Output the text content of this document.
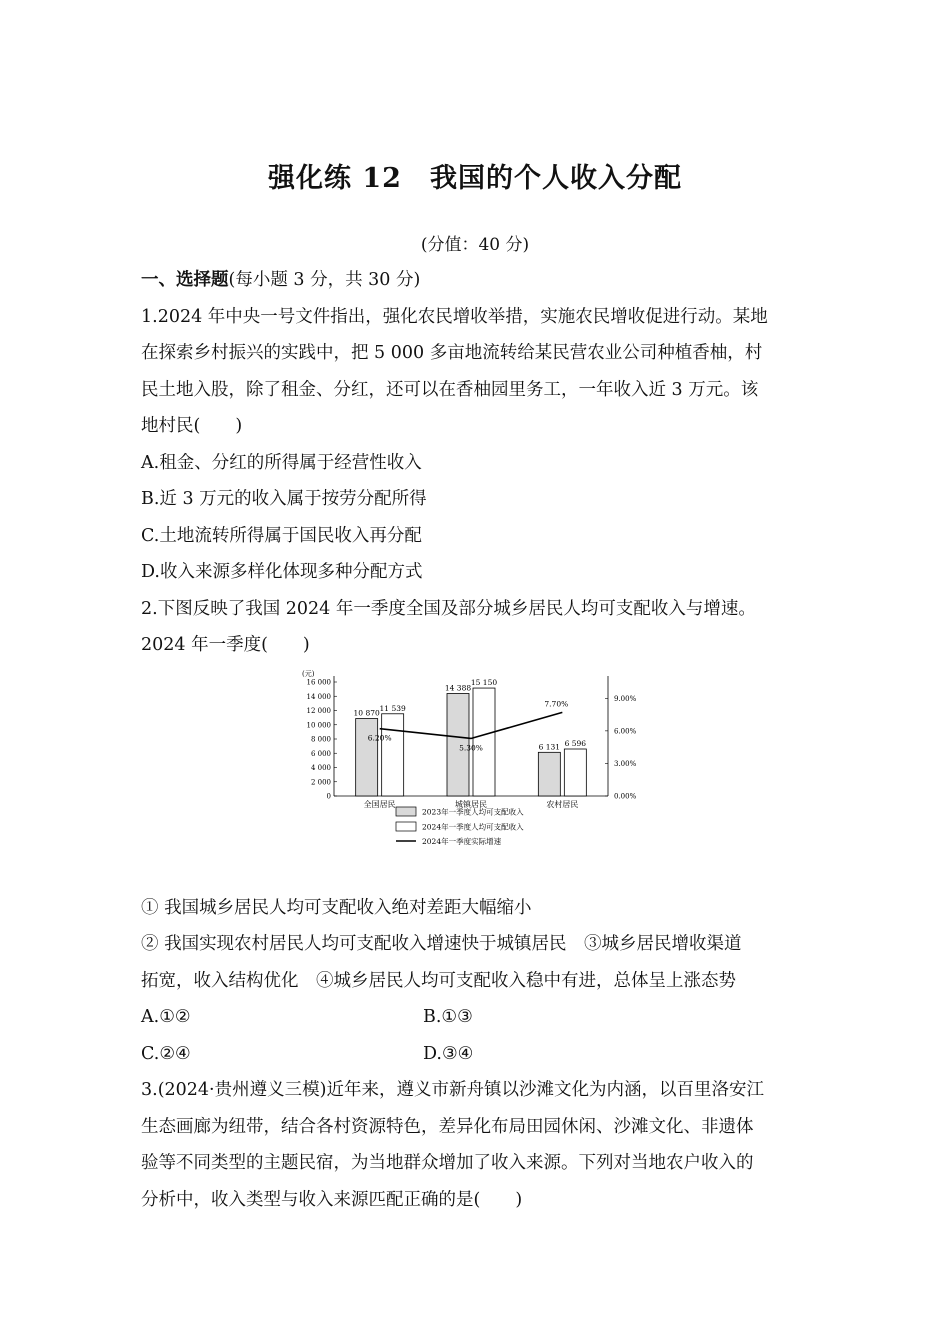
强化练 12　我国的个人收入分配
(分值：40 分)
一、选择题(每小题 3 分，共 30 分)
1.2024 年中央一号文件指出，强化农民增收举措，实施农民增收促进行动。某地
在探索乡村振兴的实践中，把 5 000 多亩地流转给某民营农业公司种植香柚，村
民土地入股，除了租金、分红，还可以在香柚园里务工，一年收入近 3 万元。该
地村民(　　)
A.租金、分红的所得属于经营性收入
B.近 3 万元的收入属于按劳分配所得
C.土地流转所得属于国民收入再分配
D.收入来源多样化体现多种分配方式
2.下图反映了我国 2024 年一季度全国及部分城乡居民人均可支配收入与增速。
2024 年一季度(　　)
(元)
0
2 000
4 000
6 000
8 000
10 000
12 000
14 000
16 000
0.00%
3.00%
6.00%
9.00%
10 870
11 539
全国居民
14 388
15 150
城镇居民
6 131 6 596
农村居民
6.20%
5.30%
7.70%
2023年一季度人均可支配收入
2024年一季度人均可支配收入
2024年一季度实际增速
① 我国城乡居民人均可支配收入绝对差距大幅缩小
② 我国实现农村居民人均可支配收入增速快于城镇居民　③城乡居民增收渠道
拓宽，收入结构优化　④城乡居民人均可支配收入稳中有进，总体呈上涨态势
A.①②	B.①③
C.②④	D.③④
3.(2024·贵州遵义三模)近年来，遵义市新舟镇以沙滩文化为内涵，以百里洛安江
生态画廊为纽带，结合各村资源特色，差异化布局田园休闲、沙滩文化、非遗体
验等不同类型的主题民宿，为当地群众增加了收入来源。下列对当地农户收入的
分析中，收入类型与收入来源匹配正确的是(　　)
